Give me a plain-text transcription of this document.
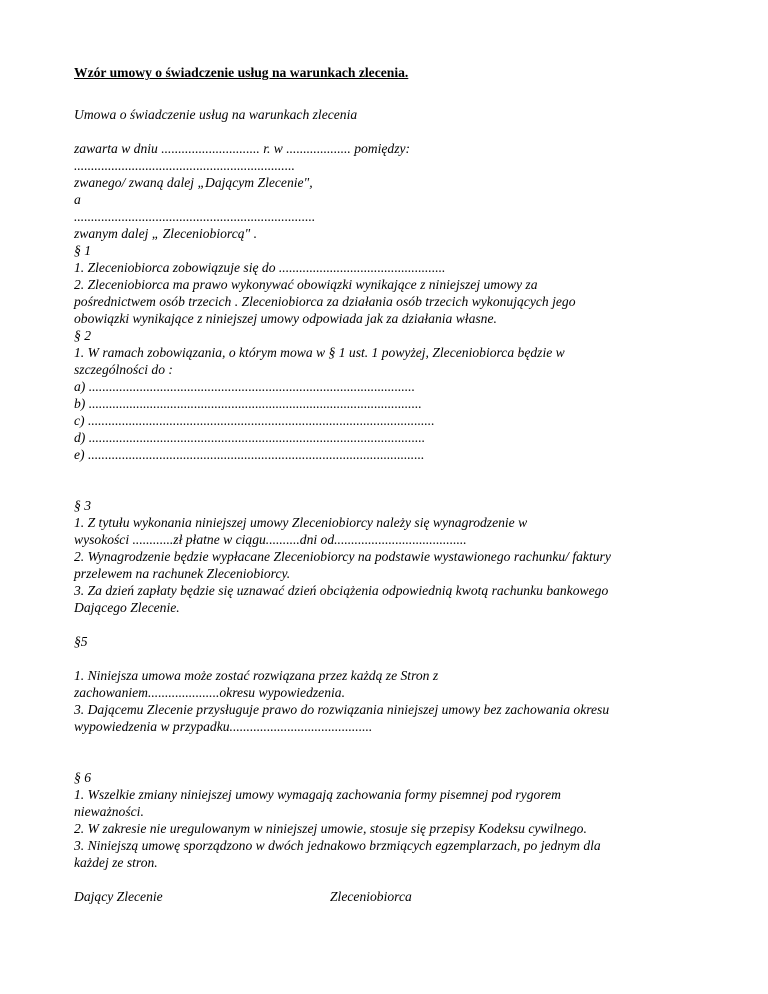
Wzór umowy o świadczenie usług na warunkach zlecenia.
Umowa o świadczenie usług na warunkach zlecenia
zawarta w dniu ............................. r. w ................... pomiędzy:
.................................................................
zwanego/ zwaną dalej „Dającym Zlecenie",
a
.......................................................................
zwanym dalej „ Zleceniobiorcą" .
§ 1
1. Zleceniobiorca zobowiązuje się do .................................................
2. Zleceniobiorca ma prawo wykonywać obowiązki wynikające z niniejszej umowy za
pośrednictwem osób trzecich . Zleceniobiorca za działania osób trzecich wykonujących jego
obowiązki wynikające z niniejszej umowy odpowiada jak za działania własne.
§ 2
1. W ramach zobowiązania, o którym mowa w § 1 ust. 1 powyżej, Zleceniobiorca będzie w
szczególności do :
a) ................................................................................................
b) ..................................................................................................
c) ......................................................................................................
d) ...................................................................................................
e) ...................................................................................................
§ 3
1. Z tytułu wykonania niniejszej umowy Zleceniobiorcy należy się wynagrodzenie w
wysokości ............zł płatne w ciągu..........dni od.......................................
2. Wynagrodzenie będzie wypłacane Zleceniobiorcy na podstawie wystawionego rachunku/ faktury
przelewem na rachunek Zleceniobiorcy.
3. Za dzień zapłaty będzie się uznawać dzień obciążenia odpowiednią kwotą rachunku bankowego
Dającego Zlecenie.
§5
1. Niniejsza umowa może zostać rozwiązana przez każdą ze Stron z
zachowaniem.....................okresu wypowiedzenia.
3. Dającemu Zlecenie przysługuje prawo do rozwiązania niniejszej umowy bez zachowania okresu
wypowiedzenia w przypadku..........................................
§ 6
1. Wszelkie zmiany niniejszej umowy wymagają zachowania formy pisemnej pod rygorem
nieważności.
2. W zakresie nie uregulowanym w niniejszej umowie, stosuje się przepisy Kodeksu cywilnego.
3. Niniejszą umowę sporządzono w dwóch jednakowo brzmiących egzemplarzach, po jednym dla
każdej ze stron.
Dający Zlecenie	Zleceniobiorca
